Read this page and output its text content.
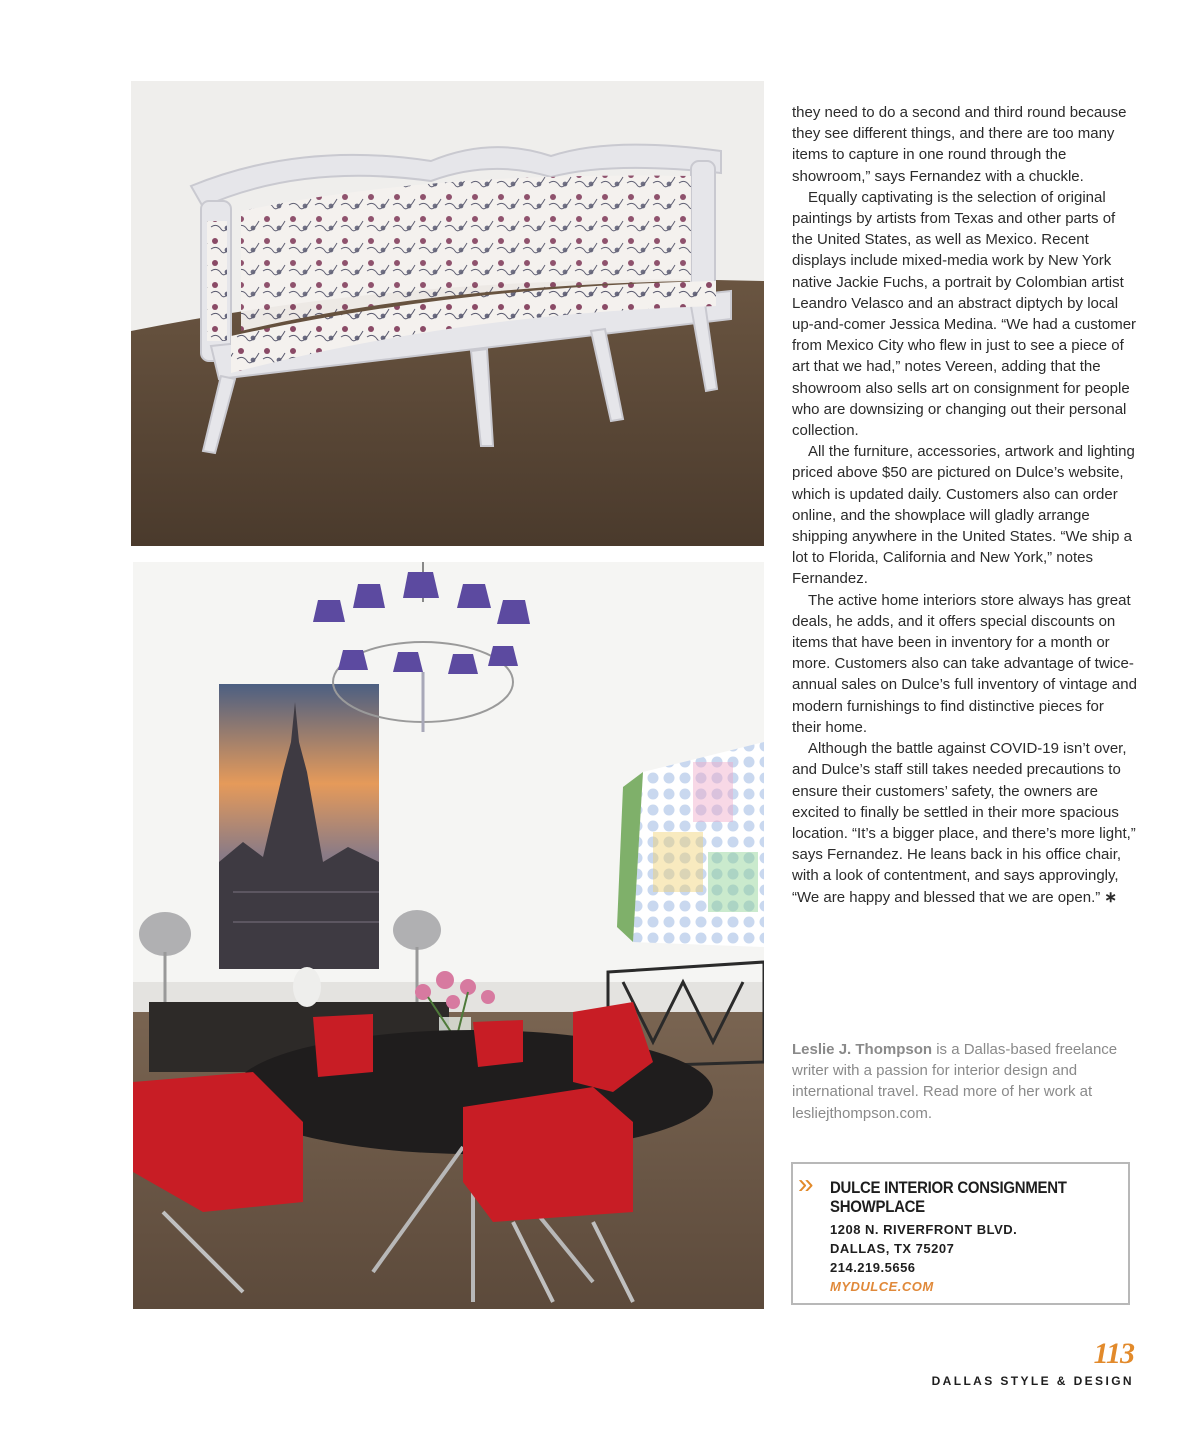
they need to do a second and third round because they see different things, and there are too many items to capture in one round through the showroom,” says Fernandez with a chuckle.

Equally captivating is the selection of original paintings by artists from Texas and other parts of the United States, as well as Mexico. Recent displays include mixed-media work by New York native Jackie Fuchs, a portrait by Colombian artist Leandro Velasco and an abstract diptych by local up-and-comer Jessica Medina. “We had a customer from Mexico City who flew in just to see a piece of art that we had,” notes Vereen, adding that the showroom also sells art on consignment for people who are downsizing or changing out their personal collection.

All the furniture, accessories, artwork and lighting priced above $50 are pictured on Dulce’s website, which is updated daily. Customers also can order online, and the showplace will gladly arrange shipping anywhere in the United States. “We ship a lot to Florida, California and New York,” notes Fernandez.

The active home interiors store always has great deals, he adds, and it offers special discounts on items that have been in inventory for a month or more. Customers also can take advantage of twice-annual sales on Dulce’s full inventory of vintage and modern furnishings to find distinctive pieces for their home.

Although the battle against COVID-19 isn’t over, and Dulce’s staff still takes needed precautions to ensure their customers’ safety, the owners are excited to finally be settled in their more spacious location. “It’s a bigger place, and there’s more light,” says Fernandez. He leans back in his office chair, with a look of contentment, and says approvingly, “We are happy and blessed that we are open.” ∗

Leslie J. Thompson is a Dallas-based freelance writer with a passion for interior design and international travel. Read more of her work at lesliejthompson.com.
» DULCE INTERIOR CONSIGNMENT SHOWPLACE
1208 N. RIVERFRONT BLVD.
DALLAS, TX 75207
214.219.5656
MYDULCE.COM
113
DALLAS STYLE & DESIGN
